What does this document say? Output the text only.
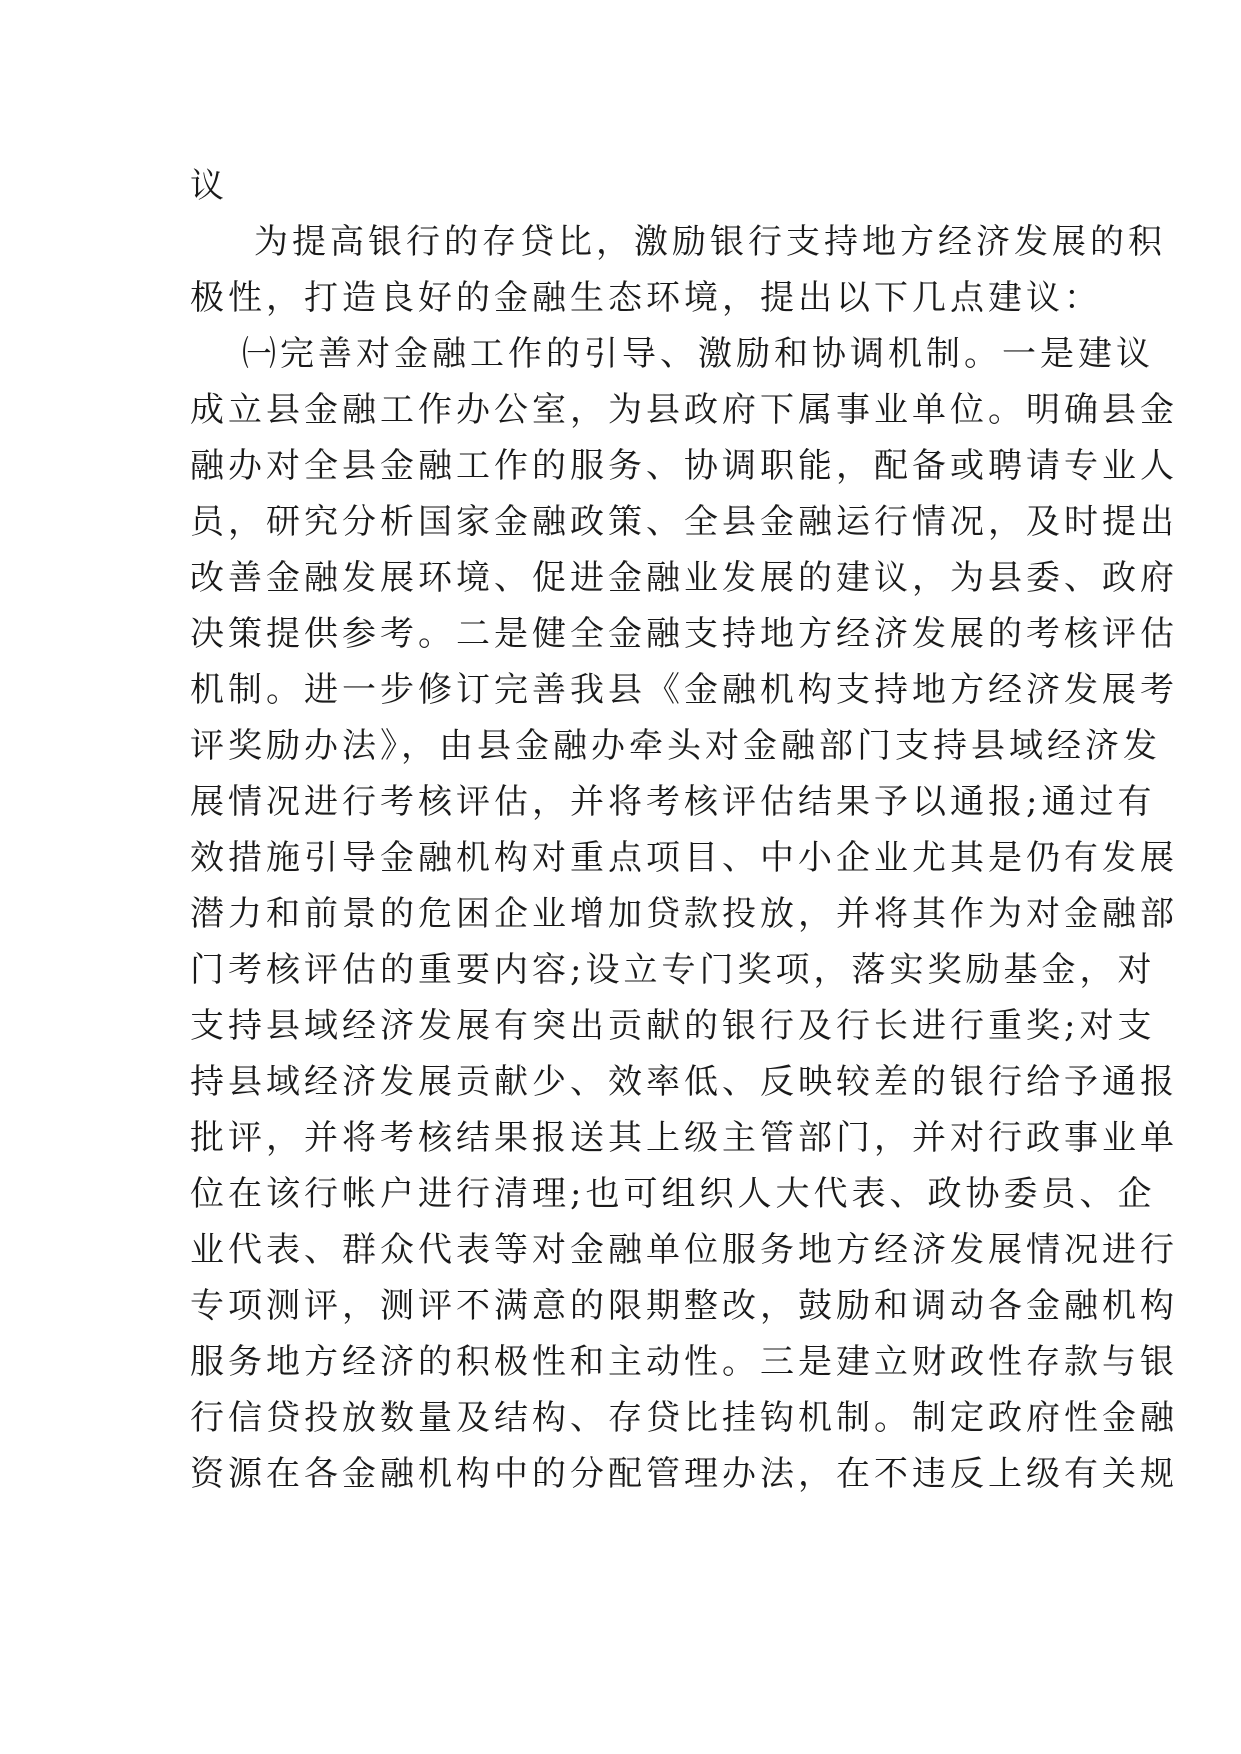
议
为提高银行的存贷比，激励银行支持地方经济发展的积
极性，打造良好的金融生态环境，提出以下几点建议：
㈠完善对金融工作的引导、激励和协调机制。一是建议
成立县金融工作办公室，为县政府下属事业单位。明确县金
融办对全县金融工作的服务、协调职能，配备或聘请专业人
员，研究分析国家金融政策、全县金融运行情况，及时提出
改善金融发展环境、促进金融业发展的建议，为县委、政府
决策提供参考。二是健全金融支持地方经济发展的考核评估
机制。进一步修订完善我县《金融机构支持地方经济发展考
评奖励办法》，由县金融办牵头对金融部门支持县域经济发
展情况进行考核评估，并将考核评估结果予以通报;通过有
效措施引导金融机构对重点项目、中小企业尤其是仍有发展
潜力和前景的危困企业增加贷款投放，并将其作为对金融部
门考核评估的重要内容;设立专门奖项，落实奖励基金，对
支持县域经济发展有突出贡献的银行及行长进行重奖;对支
持县域经济发展贡献少、效率低、反映较差的银行给予通报
批评，并将考核结果报送其上级主管部门，并对行政事业单
位在该行帐户进行清理;也可组织人大代表、政协委员、企
业代表、群众代表等对金融单位服务地方经济发展情况进行
专项测评，测评不满意的限期整改，鼓励和调动各金融机构
服务地方经济的积极性和主动性。三是建立财政性存款与银
行信贷投放数量及结构、存贷比挂钩机制。制定政府性金融
资源在各金融机构中的分配管理办法，在不违反上级有关规
